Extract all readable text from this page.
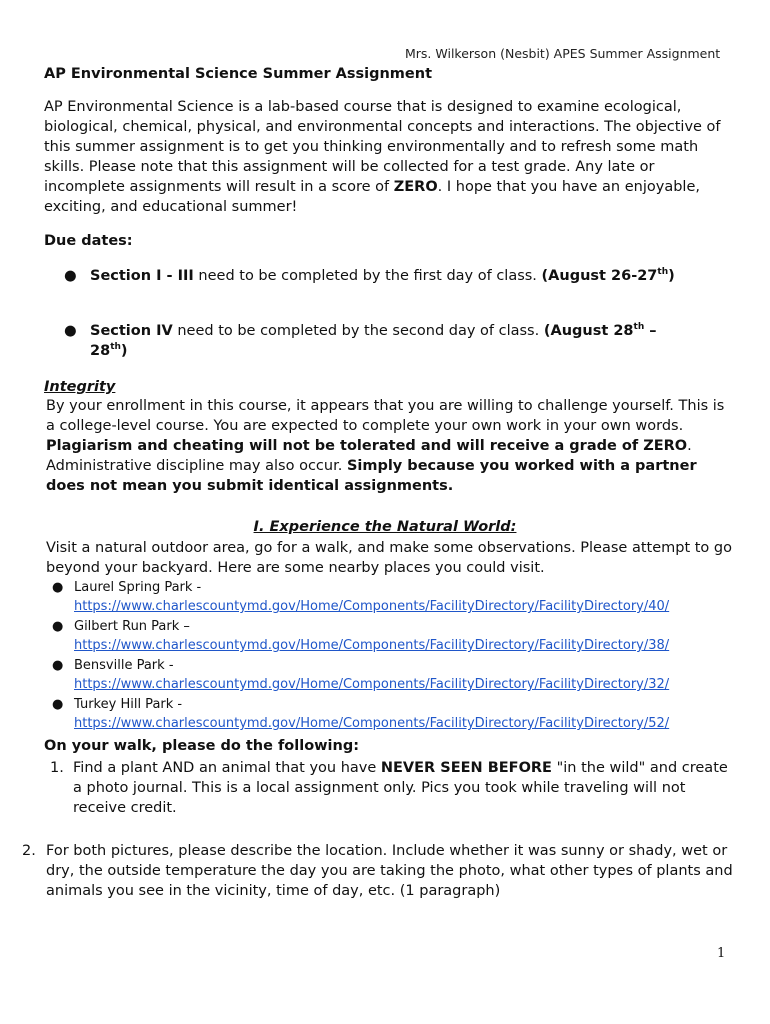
Mrs. Wilkerson (Nesbit) APES Summer Assignment
AP Environmental Science Summer Assignment
AP Environmental Science is a lab-based course that is designed to examine ecological, biological, chemical, physical, and environmental concepts and interactions. The objective of this summer assignment is to get you thinking environmentally and to refresh some math skills. Please note that this assignment will be collected for a test grade. Any late or incomplete assignments will result in a score of ZERO. I hope that you have an enjoyable, exciting, and educational summer!
Due dates:
● Section I - III need to be completed by the first day of class. (August 26-27th)
● Section IV need to be completed by the second day of class. (August 28th – 28th)
Integrity
By your enrollment in this course, it appears that you are willing to challenge yourself. This is a college-level course. You are expected to complete your own work in your own words. Plagiarism and cheating will not be tolerated and will receive a grade of ZERO. Administrative discipline may also occur. Simply because you worked with a partner does not mean you submit identical assignments.
I. Experience the Natural World:
Visit a natural outdoor area, go for a walk, and make some observations. Please attempt to go beyond your backyard. Here are some nearby places you could visit.
● Laurel Spring Park -
https://www.charlescountymd.gov/Home/Components/FacilityDirectory/FacilityDirectory/40/
● Gilbert Run Park –
https://www.charlescountymd.gov/Home/Components/FacilityDirectory/FacilityDirectory/38/
● Bensville Park -
https://www.charlescountymd.gov/Home/Components/FacilityDirectory/FacilityDirectory/32/
● Turkey Hill Park -
https://www.charlescountymd.gov/Home/Components/FacilityDirectory/FacilityDirectory/52/
On your walk, please do the following:
1. Find a plant AND an animal that you have NEVER SEEN BEFORE "in the wild" and create a photo journal. This is a local assignment only. Pics you took while traveling will not receive credit.
2. For both pictures, please describe the location. Include whether it was sunny or shady, wet or dry, the outside temperature the day you are taking the photo, what other types of plants and animals you see in the vicinity, time of day, etc. (1 paragraph)
1
